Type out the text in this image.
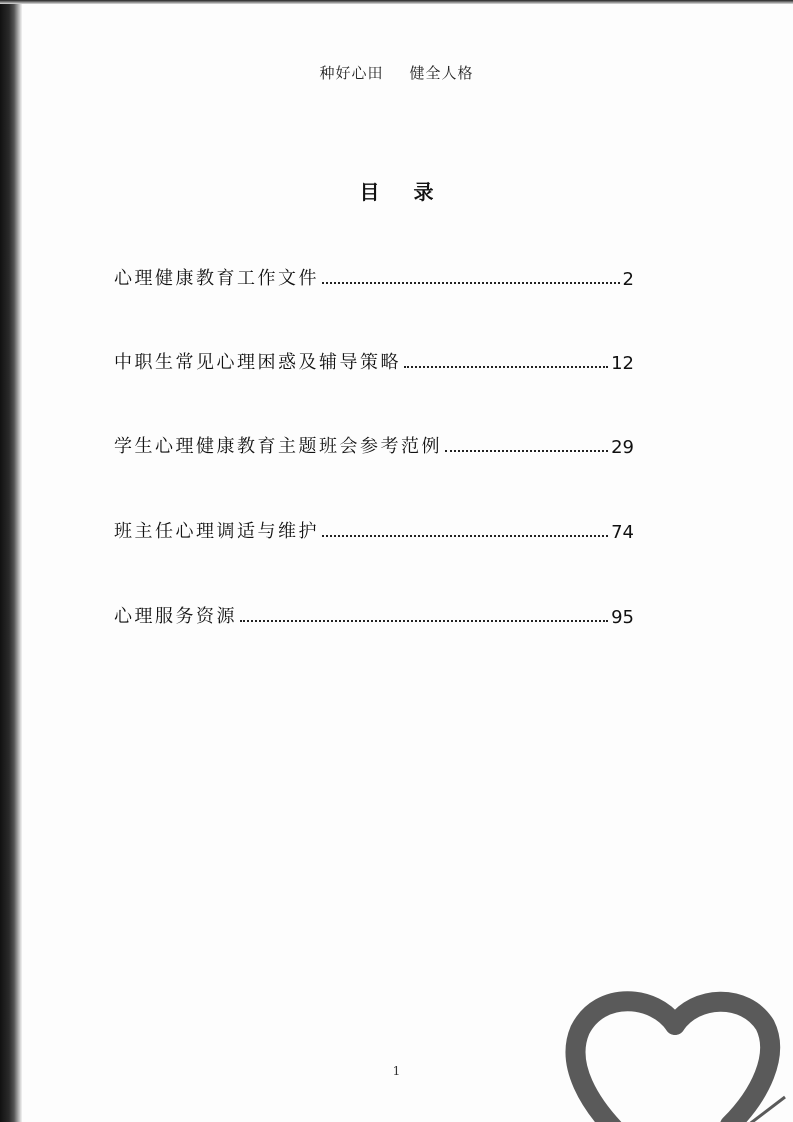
种好心田 健全人格
目录
心理健康教育工作文件	2
中职生常见心理困惑及辅导策略	12
学生心理健康教育主题班会参考范例	29
班主任心理调适与维护	74
心理服务资源	95
1
